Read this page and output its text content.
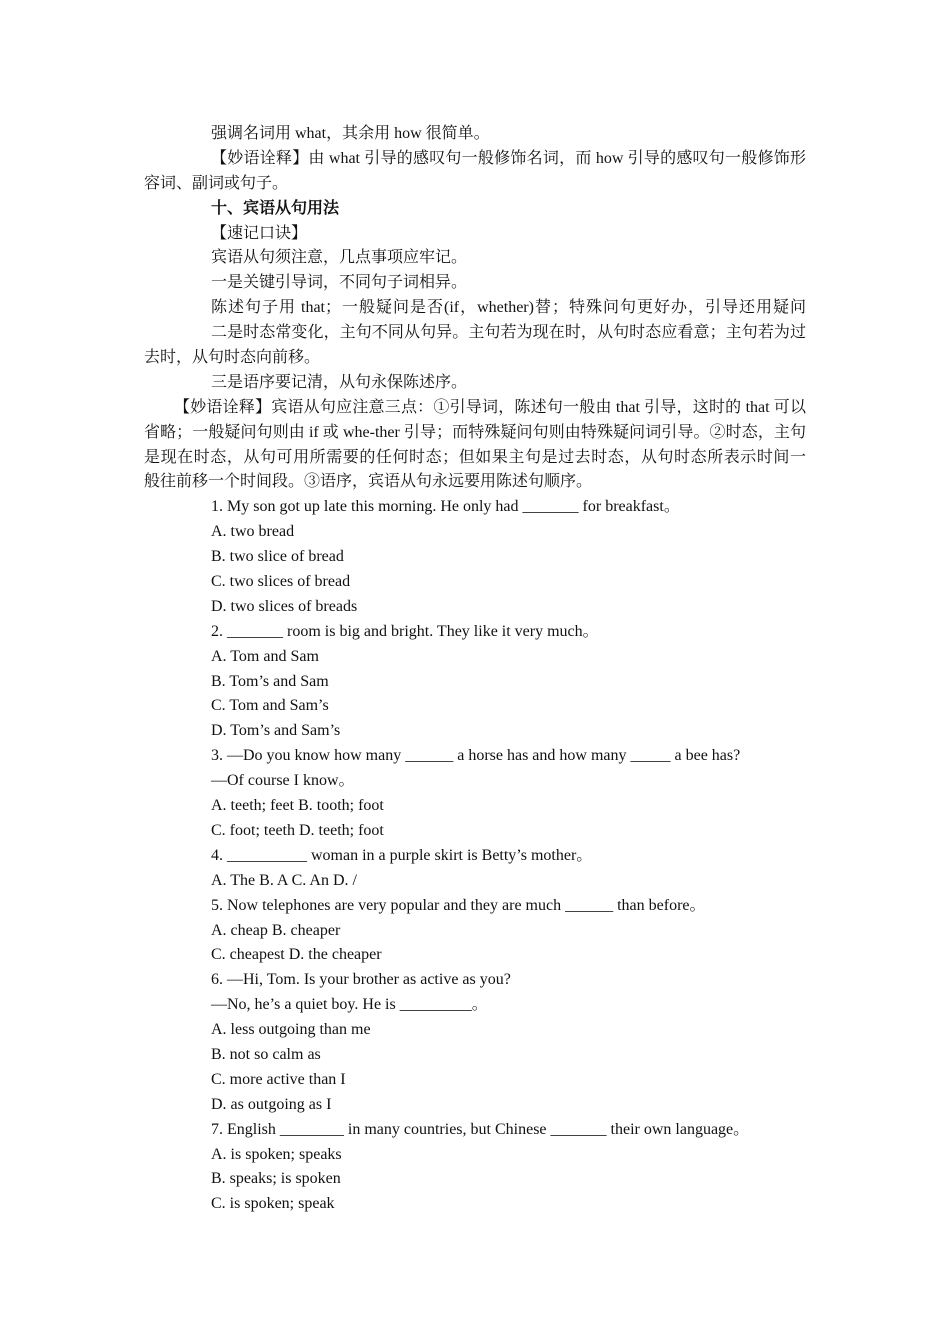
强调名词用 what，其余用 how 很简单。

【妙语诠释】由 what 引导的感叹句一般修饰名词，而 how 引导的感叹句一般修饰形

容词、副词或句子。

十、宾语从句用法

【速记口诀】

宾语从句须注意，几点事项应牢记。

一是关键引导词，不同句子词相异。

陈述句子用 that；一般疑问是否(if，whether)替；特殊问句更好办，引导还用疑问

二是时态常变化，主句不同从句异。主句若为现在时，从句时态应看意；主句若为过

去时，从句时态向前移。

三是语序要记清，从句永保陈述序。

【妙语诠释】宾语从句应注意三点：①引导词，陈述句一般由 that 引导，这时的 that 可以

省略；一般疑问句则由 if 或 whe-ther 引导；而特殊疑问句则由特殊疑问词引导。②时态，主句

是现在时态，从句可用所需要的任何时态；但如果主句是过去时态，从句时态所表示时间一

般往前移一个时间段。③语序，宾语从句永远要用陈述句顺序。

1. My son got up late this morning. He only had _______ for breakfast。

A. two bread

B. two slice of bread

C. two slices of bread

D. two slices of breads

2. _______ room is big and bright. They like it very much。

A. Tom and Sam

B. Tom’s and Sam

C. Tom and Sam’s

D. Tom’s and Sam’s

3. —Do you know how many ______ a horse has and how many _____ a bee has?

—Of course I know。

A. teeth; feet B. tooth; foot

C. foot; teeth D. teeth; foot

4. __________ woman in a purple skirt is Betty’s mother。

A. The B. A C. An D. /

5. Now telephones are very popular and they are much ______ than before。

A. cheap B. cheaper

C. cheapest D. the cheaper

6. —Hi, Tom. Is your brother as active as you?

—No, he’s a quiet boy. He is _________。

A. less outgoing than me

B. not so calm as

C. more active than I

D. as outgoing as I

7. English ________ in many countries, but Chinese _______ their own language。

A. is spoken; speaks

B. speaks; is spoken

C. is spoken; speak
